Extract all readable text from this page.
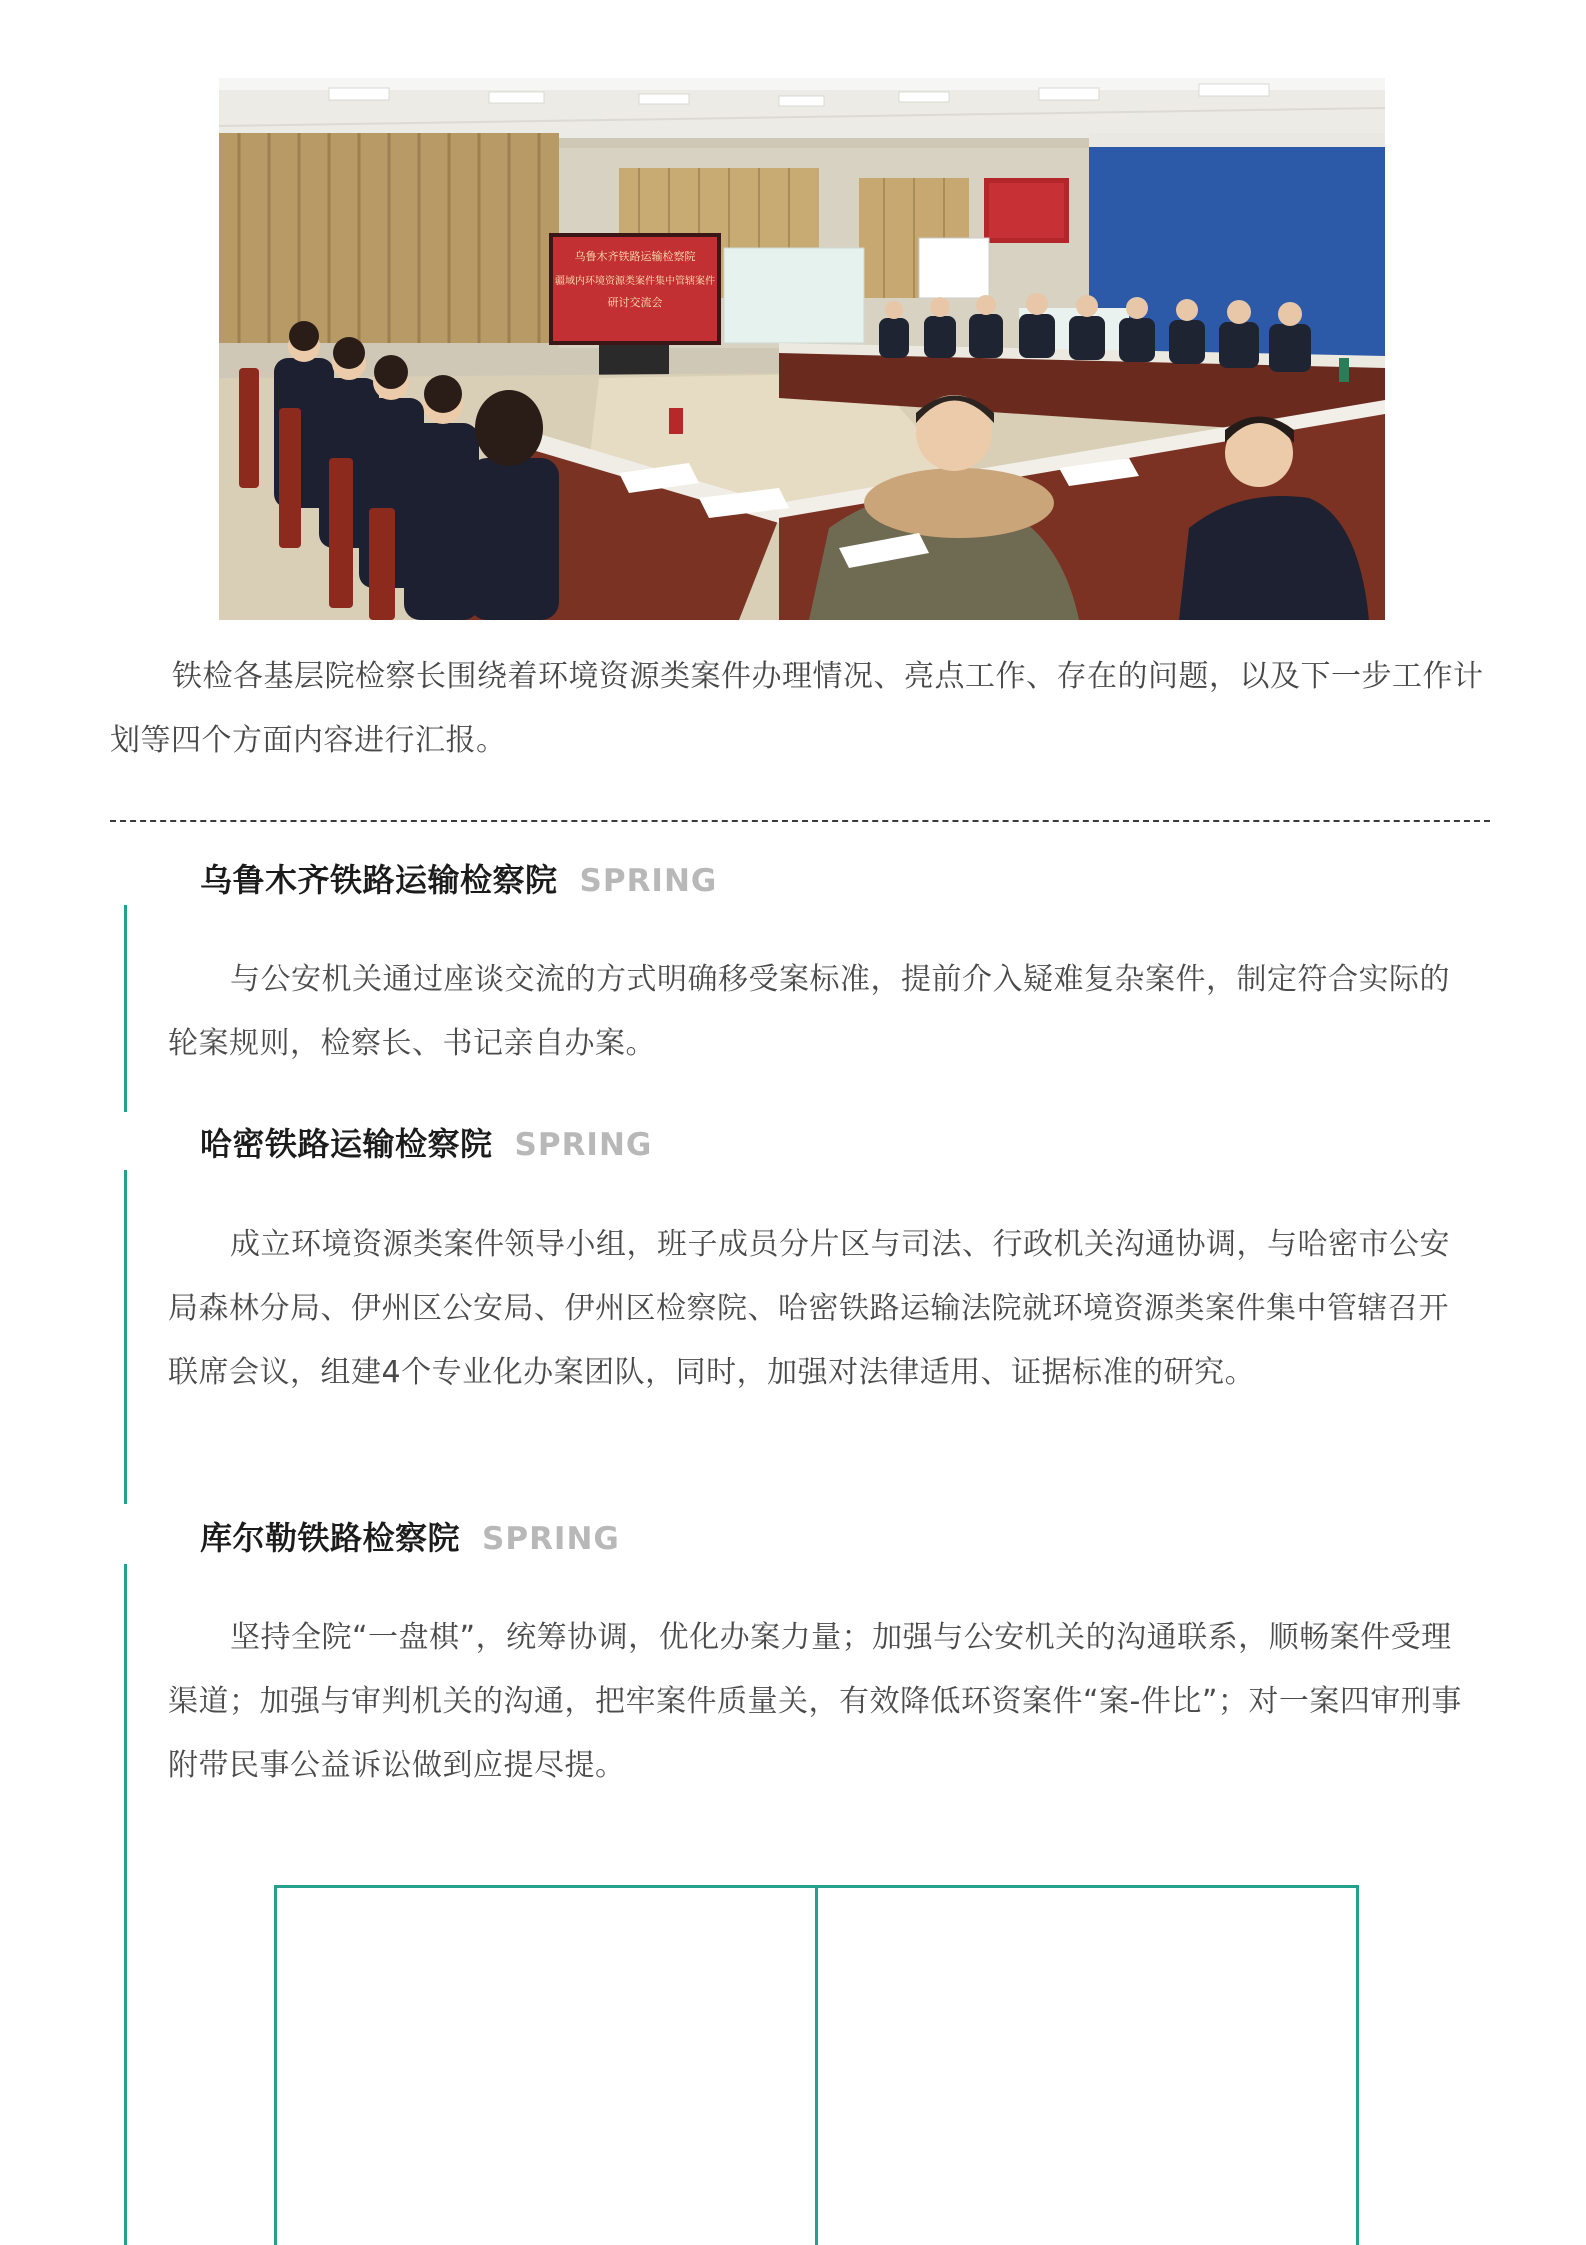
乌鲁木齐铁路运输检察院
疆域内环境资源类案件集中管辖案件
研讨交流会

铁检各基层院检察长围绕着环境资源类案件办理情况、亮点工作、存在的问题，以及下一步工作计划等四个方面内容进行汇报。

乌鲁木齐铁路运输检察院 SPRING

与公安机关通过座谈交流的方式明确移受案标准，提前介入疑难复杂案件，制定符合实际的轮案规则，检察长、书记亲自办案。

哈密铁路运输检察院 SPRING

成立环境资源类案件领导小组，班子成员分片区与司法、行政机关沟通协调，与哈密市公安局森林分局、伊州区公安局、伊州区检察院、哈密铁路运输法院就环境资源类案件集中管辖召开联席会议，组建4个专业化办案团队，同时，加强对法律适用、证据标准的研究。

库尔勒铁路检察院 SPRING

坚持全院“一盘棋”，统筹协调，优化办案力量；加强与公安机关的沟通联系，顺畅案件受理渠道；加强与审判机关的沟通，把牢案件质量关，有效降低环资案件“案-件比”；对一案四审刑事附带民事公益诉讼做到应提尽提。
